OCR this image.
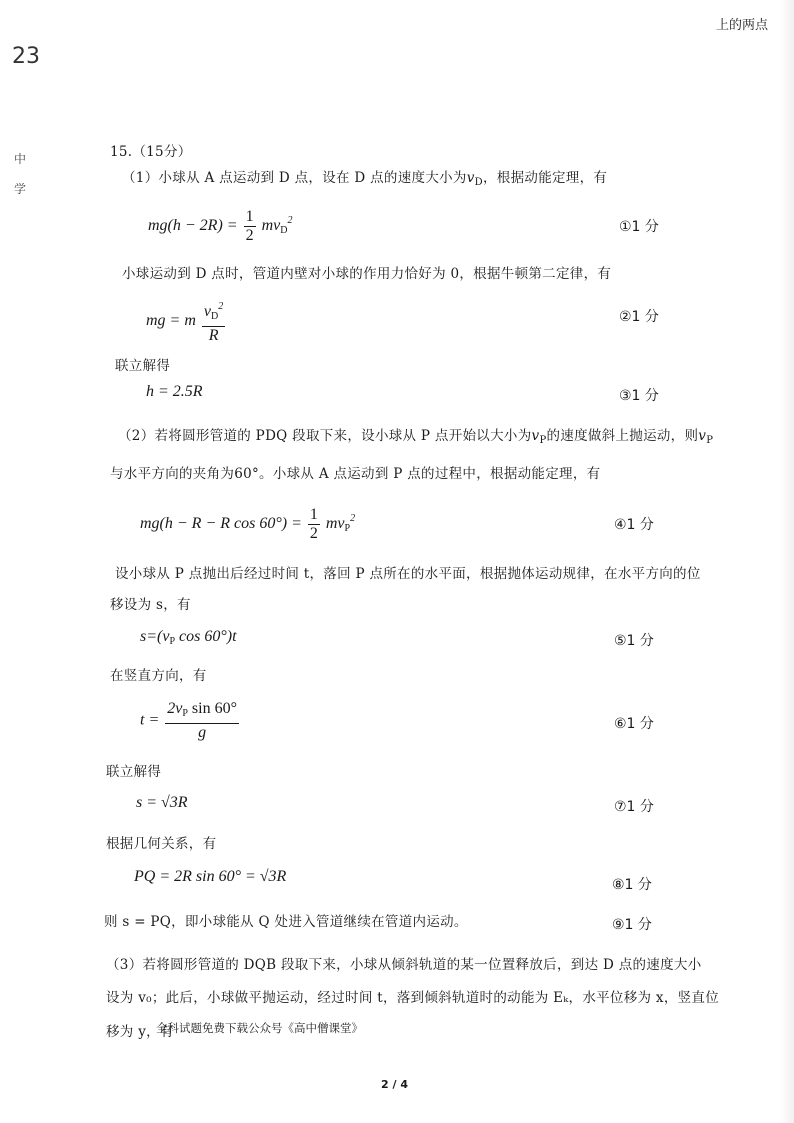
23
上的两点
中
学
15.（15分）
（1）小球从 A 点运动到 D 点，设在 D 点的速度大小为$v_D$，根据动能定理，有
$mg(h - 2R) = \frac{1}{2} mv_D^2$	①1 分
小球运动到 D 点时，管道内壁对小球的作用力恰好为 0，根据牛顿第二定律，有
mg = m $\frac{v_D^2}{R}$	②1 分
联立解得
h = 2.5R	③1 分
（2）若将圆形管道的 PDQ 段取下来，设小球从 P 点开始以大小为$v_P$的速度做斜上抛运动，则$v_P$
与水平方向的夹角为60°。小球从 A 点运动到 P 点的过程中，根据动能定理，有
mg(h − R − R $\cos 60^\circ) = \frac{1}{2} mv_P^2$	④1 分
设小球从 P 点抛出后经过时间 t，落回 P 点所在的水平面，根据抛体运动规律，在水平方向的位
移设为 s，有
$s=(v_P$ cos 60°)t	⑤1 分
在竖直方向，有
$t = \frac{2v_P \sin 60^\circ}{g}$	⑥1 分
联立解得
s = √3R	⑦1 分
根据几何关系，有
PQ = 2R sin 60° = √3R	⑧1 分
则 s = PQ，即小球能从 Q 处进入管道继续在管道内运动。	⑨1 分
（3）若将圆形管道的 DQB 段取下来，小球从倾斜轨道的某一位置释放后，到达 D 点的速度大小
设为 v₀；此后，小球做平抛运动，经过时间 t，落到倾斜轨道时的动能为 Eₖ，水平位移为 x，竖直位
移为 y，有
全科试题免费下载公众号《高中僧课堂》
2 / 4
